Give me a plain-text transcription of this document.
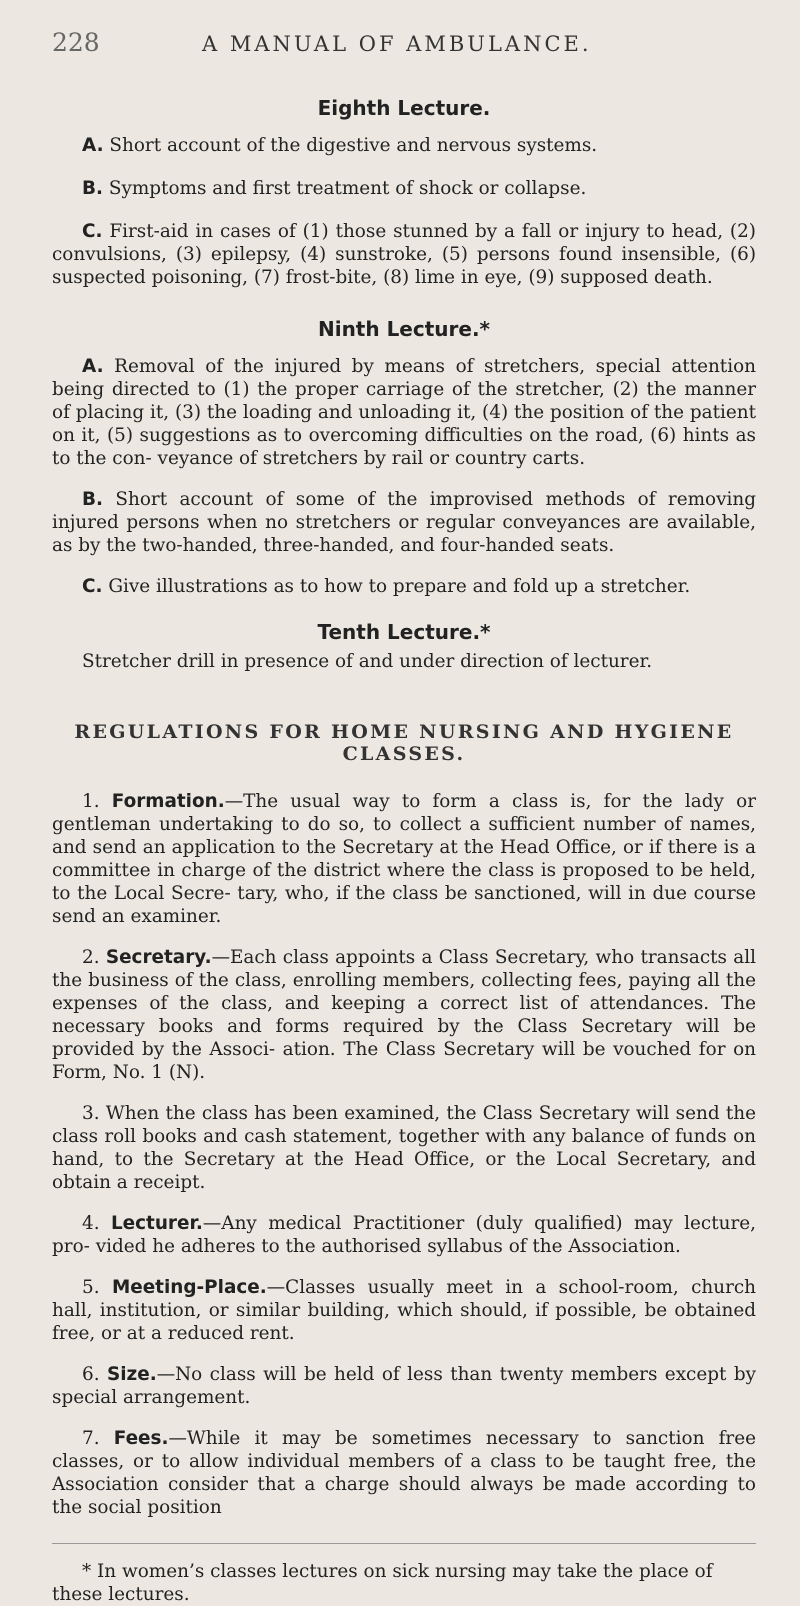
228	A MANUAL OF AMBULANCE.
Eighth Lecture.

A. Short account of the digestive and nervous systems.

B. Symptoms and first treatment of shock or collapse.

C. First-aid in cases of (1) those stunned by a fall or injury to head, (2) convulsions, (3) epilepsy, (4) sunstroke, (5) persons found insensible, (6) suspected poisoning, (7) frost-bite, (8) lime in eye, (9) supposed death.

Ninth Lecture.*

A. Removal of the injured by means of stretchers, special attention being directed to (1) the proper carriage of the stretcher, (2) the manner of placing it, (3) the loading and unloading it, (4) the position of the patient on it, (5) suggestions as to overcoming difficulties on the road, (6) hints as to the con- veyance of stretchers by rail or country carts.

B. Short account of some of the improvised methods of removing injured persons when no stretchers or regular conveyances are available, as by the two-handed, three-handed, and four-handed seats.

C. Give illustrations as to how to prepare and fold up a stretcher.

Tenth Lecture.*

Stretcher drill in presence of and under direction of lecturer.

REGULATIONS FOR HOME NURSING AND HYGIENE CLASSES.

1. Formation.—The usual way to form a class is, for the lady or gentleman undertaking to do so, to collect a sufficient number of names, and send an application to the Secretary at the Head Office, or if there is a committee in charge of the district where the class is proposed to be held, to the Local Secre- tary, who, if the class be sanctioned, will in due course send an examiner.

2. Secretary.—Each class appoints a Class Secretary, who transacts all the business of the class, enrolling members, collecting fees, paying all the expenses of the class, and keeping a correct list of attendances. The necessary books and forms required by the Class Secretary will be provided by the Associ- ation. The Class Secretary will be vouched for on Form, No. 1 (N).

3. When the class has been examined, the Class Secretary will send the class roll books and cash statement, together with any balance of funds on hand, to the Secretary at the Head Office, or the Local Secretary, and obtain a receipt.

4. Lecturer.—Any medical Practitioner (duly qualified) may lecture, pro- vided he adheres to the authorised syllabus of the Association.

5. Meeting-Place.—Classes usually meet in a school-room, church hall, institution, or similar building, which should, if possible, be obtained free, or at a reduced rent.

6. Size.—No class will be held of less than twenty members except by special arrangement.

7. Fees.—While it may be sometimes necessary to sanction free classes, or to allow individual members of a class to be taught free, the Association consider that a charge should always be made according to the social position

* In women’s classes lectures on sick nursing may take the place of these lectures.
